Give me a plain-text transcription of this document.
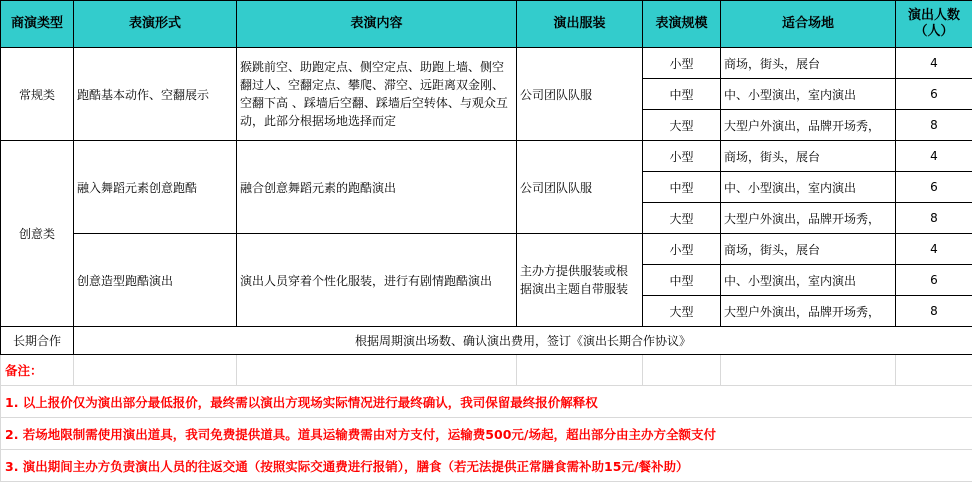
商演类型	表演形式	表演内容	演出服装	表演规模	适合场地	演出人数（人）
常规类	跑酷基本动作、空翻展示	猴跳前空、助跑定点、侧空定点、助跑上墙、侧空翻过人、空翻定点、攀爬、滞空、远距离双金刚、空翻下高 、踩墙后空翻、踩墙后空转体、与观众互动，此部分根据场地选择而定	公司团队队服	小型	商场，街头，展台	4
				中型	中、小型演出，室内演出	6
				大型	大型户外演出，品牌开场秀，	8
创意类	融入舞蹈元素创意跑酷	融合创意舞蹈元素的跑酷演出	公司团队队服	小型	商场，街头，展台	4
				中型	中、小型演出，室内演出	6
				大型	大型户外演出，品牌开场秀，	8
	创意造型跑酷演出	演出人员穿着个性化服装，进行有剧情跑酷演出	主办方提供服装或根据演出主题自带服装	小型	商场，街头，展台	4
				中型	中、小型演出，室内演出	6
				大型	大型户外演出，品牌开场秀，	8
长期合作	根据周期演出场数、确认演出费用，签订《演出长期合作协议》					
备注：						
1. 以上报价仅为演出部分最低报价，最终需以演出方现场实际情况进行最终确认，我司保留最终报价解释权						
2. 若场地限制需使用演出道具，我司免费提供道具。道具运输费需由对方支付，运输费500元/场起，超出部分由主办方全额支付						
3. 演出期间主办方负责演出人员的往返交通（按照实际交通费进行报销），膳食（若无法提供正常膳食需补助15元/餐补助）						
